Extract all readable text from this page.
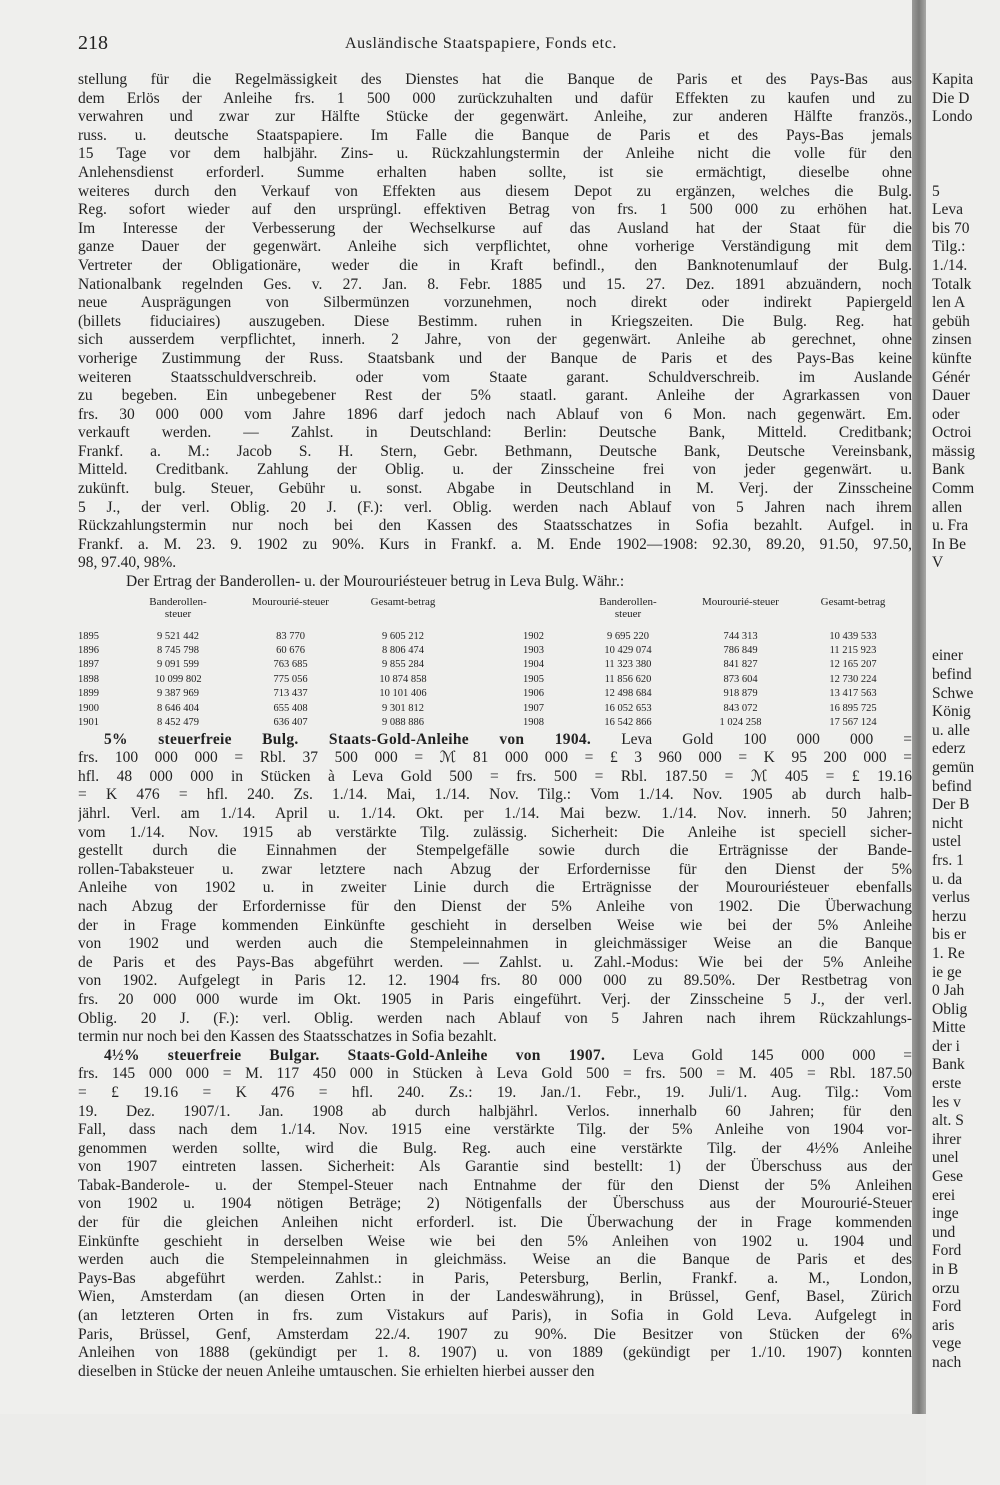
218	Ausländische Staatspapiere, Fonds etc.
stellung für die Regelmässigkeit des Dienstes hat die Banque de Paris et des Pays-Bas aus
dem Erlös der Anleihe frs. 1 500 000 zurückzuhalten und dafür Effekten zu kaufen und zu
verwahren und zwar zur Hälfte Stücke der gegenwärt. Anleihe, zur anderen Hälfte französ.,
russ. u. deutsche Staatspapiere. Im Falle die Banque de Paris et des Pays-Bas jemals
15 Tage vor dem halbjähr. Zins- u. Rückzahlungstermin der Anleihe nicht die volle für den
Anlehensdienst erforderl. Summe erhalten haben sollte, ist sie ermächtigt, dieselbe ohne
weiteres durch den Verkauf von Effekten aus diesem Depot zu ergänzen, welches die Bulg.
Reg. sofort wieder auf den ursprüngl. effektiven Betrag von frs. 1 500 000 zu erhöhen hat.
Im Interesse der Verbesserung der Wechselkurse auf das Ausland hat der Staat für die
ganze Dauer der gegenwärt. Anleihe sich verpflichtet, ohne vorherige Verständigung mit dem
Vertreter der Obligationäre, weder die in Kraft befindl., den Banknotenumlauf der Bulg.
Nationalbank regelnden Ges. v. 27. Jan. 8. Febr. 1885 und 15. 27. Dez. 1891 abzuändern, noch
neue Ausprägungen von Silbermünzen vorzunehmen, noch direkt oder indirekt Papiergeld
(billets fiduciaires) auszugeben. Diese Bestimm. ruhen in Kriegszeiten. Die Bulg. Reg. hat
sich ausserdem verpflichtet, innerh. 2 Jahre, von der gegenwärt. Anleihe ab gerechnet, ohne
vorherige Zustimmung der Russ. Staatsbank und der Banque de Paris et des Pays-Bas keine
weiteren Staatsschuldverschreib. oder vom Staate garant. Schuldverschreib. im Auslande
zu begeben. Ein unbegebener Rest der 5% staatl. garant. Anleihe der Agrarkassen von
frs. 30 000 000 vom Jahre 1896 darf jedoch nach Ablauf von 6 Mon. nach gegenwärt. Em.
verkauft werden. — Zahlst. in Deutschland: Berlin: Deutsche Bank, Mitteld. Creditbank;
Frankf. a. M.: Jacob S. H. Stern, Gebr. Bethmann, Deutsche Bank, Deutsche Vereinsbank,
Mitteld. Creditbank. Zahlung der Oblig. u. der Zinsscheine frei von jeder gegenwärt. u.
zukünft. bulg. Steuer, Gebühr u. sonst. Abgabe in Deutschland in M. Verj. der Zinsscheine
5 J., der verl. Oblig. 20 J. (F.): verl. Oblig. werden nach Ablauf von 5 Jahren nach ihrem
Rückzahlungstermin nur noch bei den Kassen des Staatsschatzes in Sofia bezahlt. Aufgel. in
Frankf. a. M. 23. 9. 1902 zu 90%. Kurs in Frankf. a. M. Ende 1902—1908: 92.30, 89.20, 91.50, 97.50,
98, 97.40, 98%.
Der Ertrag der Banderollen- u. der Mourouriésteuer betrug in Leva Bulg. Währ.:
Banderollen-steuer
Mourourié-steuer	Gesamt-betrag
1895	9 521 442	83 770	9 605 212
1896	8 745 798	60 676	8 806 474
1897	9 091 599	763 685	9 855 284
1898	10 099 802	775 056	10 874 858
1899	9 387 969	713 437	10 101 406
1900	8 646 404	655 408	9 301 812
1901	8 452 479	636 407	9 088 886
Banderollen-steuer
Mourourié-steuer	Gesamt-betrag
1902	9 695 220	744 313	10 439 533
1903	10 429 074	786 849	11 215 923
1904	11 323 380	841 827	12 165 207
1905	11 856 620	873 604	12 730 224
1906	12 498 684	918 879	13 417 563
1907	16 052 653	843 072	16 895 725
1908	16 542 866	1 024 258	17 567 124
5% steuerfreie Bulg. Staats-Gold-Anleihe von 1904. Leva Gold 100 000 000 =
frs. 100 000 000 = Rbl. 37 500 000 = ℳ 81 000 000 = £ 3 960 000 = K 95 200 000 =
hfl. 48 000 000 in Stücken à Leva Gold 500 = frs. 500 = Rbl. 187.50 = ℳ 405 = £ 19.16
= K 476 = hfl. 240. Zs. 1./14. Mai, 1./14. Nov. Tilg.: Vom 1./14. Nov. 1905 ab durch halb-
jährl. Verl. am 1./14. April u. 1./14. Okt. per 1./14. Mai bezw. 1./14. Nov. innerh. 50 Jahren;
vom 1./14. Nov. 1915 ab verstärkte Tilg. zulässig. Sicherheit: Die Anleihe ist speciell sicher-
gestellt durch die Einnahmen der Stempelgefälle sowie durch die Erträgnisse der Bande-
rollen-Tabaksteuer u. zwar letztere nach Abzug der Erfordernisse für den Dienst der 5%
Anleihe von 1902 u. in zweiter Linie durch die Erträgnisse der Mourouriésteuer ebenfalls
nach Abzug der Erfordernisse für den Dienst der 5% Anleihe von 1902. Die Überwachung
der in Frage kommenden Einkünfte geschieht in derselben Weise wie bei der 5% Anleihe
von 1902 und werden auch die Stempeleinnahmen in gleichmässiger Weise an die Banque
de Paris et des Pays-Bas abgeführt werden. — Zahlst. u. Zahl.-Modus: Wie bei der 5% Anleihe
von 1902. Aufgelegt in Paris 12. 12. 1904 frs. 80 000 000 zu 89.50%. Der Restbetrag von
frs. 20 000 000 wurde im Okt. 1905 in Paris eingeführt. Verj. der Zinsscheine 5 J., der verl.
Oblig. 20 J. (F.): verl. Oblig. werden nach Ablauf von 5 Jahren nach ihrem Rückzahlungs-
termin nur noch bei den Kassen des Staatsschatzes in Sofia bezahlt.
4½% steuerfreie Bulgar. Staats-Gold-Anleihe von 1907. Leva Gold 145 000 000 =
frs. 145 000 000 = M. 117 450 000 in Stücken à Leva Gold 500 = frs. 500 = M. 405 = Rbl. 187.50
= £ 19.16 = K 476 = hfl. 240. Zs.: 19. Jan./1. Febr., 19. Juli/1. Aug. Tilg.: Vom
19. Dez. 1907/1. Jan. 1908 ab durch halbjährl. Verlos. innerhalb 60 Jahren; für den
Fall, dass nach dem 1./14. Nov. 1915 eine verstärkte Tilg. der 5% Anleihe von 1904 vor-
genommen werden sollte, wird die Bulg. Reg. auch eine verstärkte Tilg. der 4½% Anleihe
von 1907 eintreten lassen. Sicherheit: Als Garantie sind bestellt: 1) der Überschuss aus der
Tabak-Banderole- u. der Stempel-Steuer nach Entnahme der für den Dienst der 5% Anleihen
von 1902 u. 1904 nötigen Beträge; 2) Nötigenfalls der Überschuss aus der Mourourié-Steuer
der für die gleichen Anleihen nicht erforderl. ist. Die Überwachung der in Frage kommenden
Einkünfte geschieht in derselben Weise wie bei den 5% Anleihen von 1902 u. 1904 und
werden auch die Stempeleinnahmen in gleichmäss. Weise an die Banque de Paris et des
Pays-Bas abgeführt werden. Zahlst.: in Paris, Petersburg, Berlin, Frankf. a. M., London,
Wien, Amsterdam (an diesen Orten in der Landeswährung), in Brüssel, Genf, Basel, Zürich
(an letzteren Orten in frs. zum Vistakurs auf Paris), in Sofia in Gold Leva. Aufgelegt in
Paris, Brüssel, Genf, Amsterdam 22./4. 1907 zu 90%. Die Besitzer von Stücken der 6%
Anleihen von 1888 (gekündigt per 1. 8. 1907) u. von 1889 (gekündigt per 1./10. 1907) konnten
dieselben in Stücke der neuen Anleihe umtauschen. Sie erhielten hierbei ausser den
Kapita
Die D
Londo
5
Leva
bis 70
Tilg.:
1./14.
Totalk
len A
gebüh
zinsen
künfte
Génér
Dauer
oder
Octroi
mässig
Bank
Comm
allen
u. Fra
In Be
V
einer
befind
Schwe
König
u. alle
ederz
gemün
befind
Der B
nicht
ustel
frs. 1
u. da
verlus
herzu
bis er
1. Re
ie ge
0 Jah
Oblig
Mitte
der i
Bank
erste
les v
alt. S
ihrer
unel
Gese
erei
inge
und
Ford
in B
orzu
Ford
aris
vege
nach
